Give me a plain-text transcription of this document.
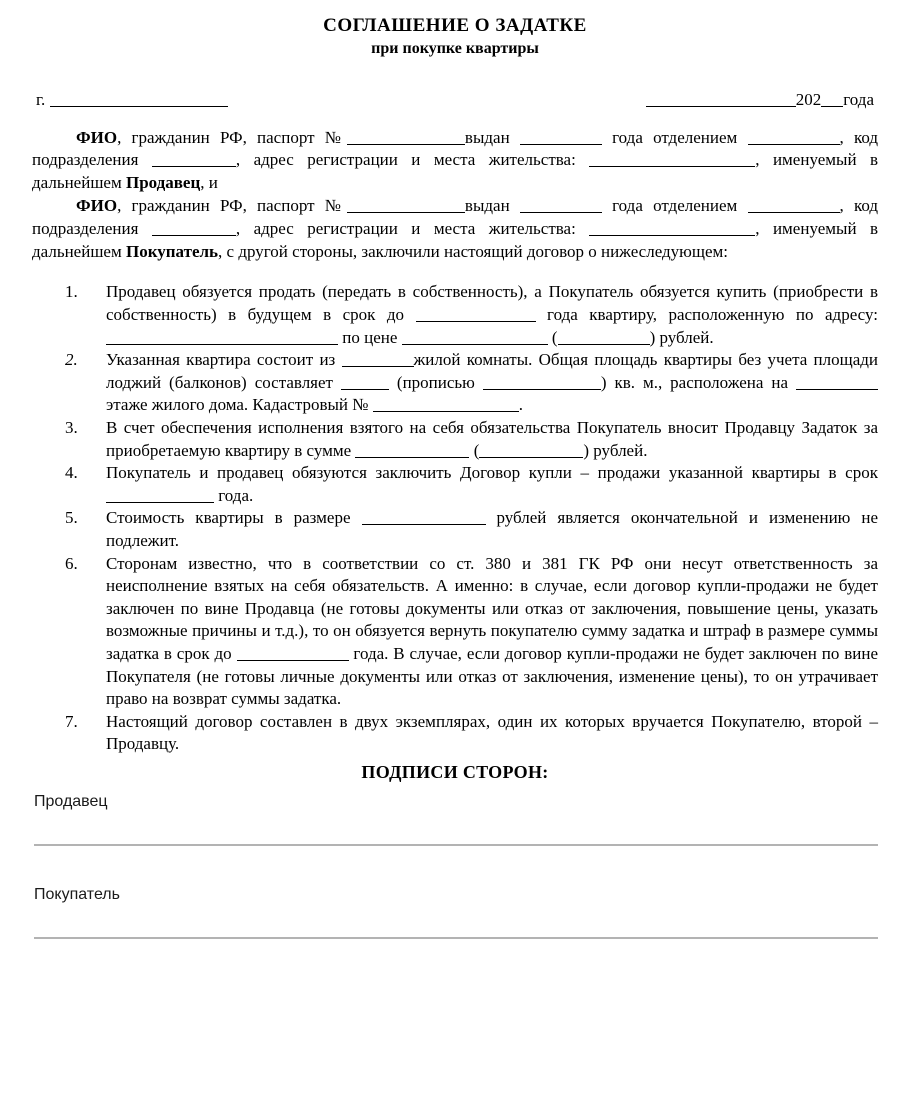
СОГЛАШЕНИЕ О ЗАДАТКЕ
при покупке квартиры
г.	202 года

ФИО, гражданин РФ, паспорт №	выдан	года отделением	, код подразделения	, адрес регистрации и места жительства:	, именуемый в дальнейшем Продавец, и

ФИО, гражданин РФ, паспорт №	выдан	года отделением	, код подразделения	, адрес регистрации и места жительства:	, именуемый в дальнейшем Покупатель, с другой стороны, заключили настоящий договор о нижеследующем:

1.	Продавец обязуется продать (передать в собственность), а Покупатель обязуется купить (приобрести в собственность) в будущем в срок до	года квартиру, расположенную по адресу:  по цене	(	) рублей.
2.	Указанная квартира состоит из	жилой комнаты. Общая площадь квартиры без учета площади лоджий (балконов) составляет	(прописью	) кв. м., расположена на  этаже жилого дома. Кадастровый №	.
3.	В счет обеспечения исполнения взятого на себя обязательства Покупатель вносит Продавцу Задаток за приобретаемую квартиру в сумме	(	) рублей.
4.	Покупатель и продавец обязуются заключить Договор купли – продажи указанной квартиры в срок  года.
5.	Стоимость квартиры в размере	рублей является окончательной и изменению не подлежит.
6.	Сторонам известно, что в соответствии со ст. 380 и 381 ГК РФ они несут ответственность за неисполнение взятых на себя обязательств. А именно: в случае, если договор купли-продажи не будет заключен по вине Продавца (не готовы документы или отказ от заключения, повышение цены, указать возможные причины и т.д.), то он обязуется вернуть покупателю сумму задатка и штраф в размере суммы задатка в срок до	года. В случае, если договор купли-продажи не будет заключен по вине Покупателя (не готовы личные документы или отказ от заключения, изменение цены), то он утрачивает право на возврат суммы задатка.
7.	Настоящий договор составлен в двух экземплярах, один их которых вручается Покупателю, второй – Продавцу.
ПОДПИСИ СТОРОН:
Продавец
Покупатель
